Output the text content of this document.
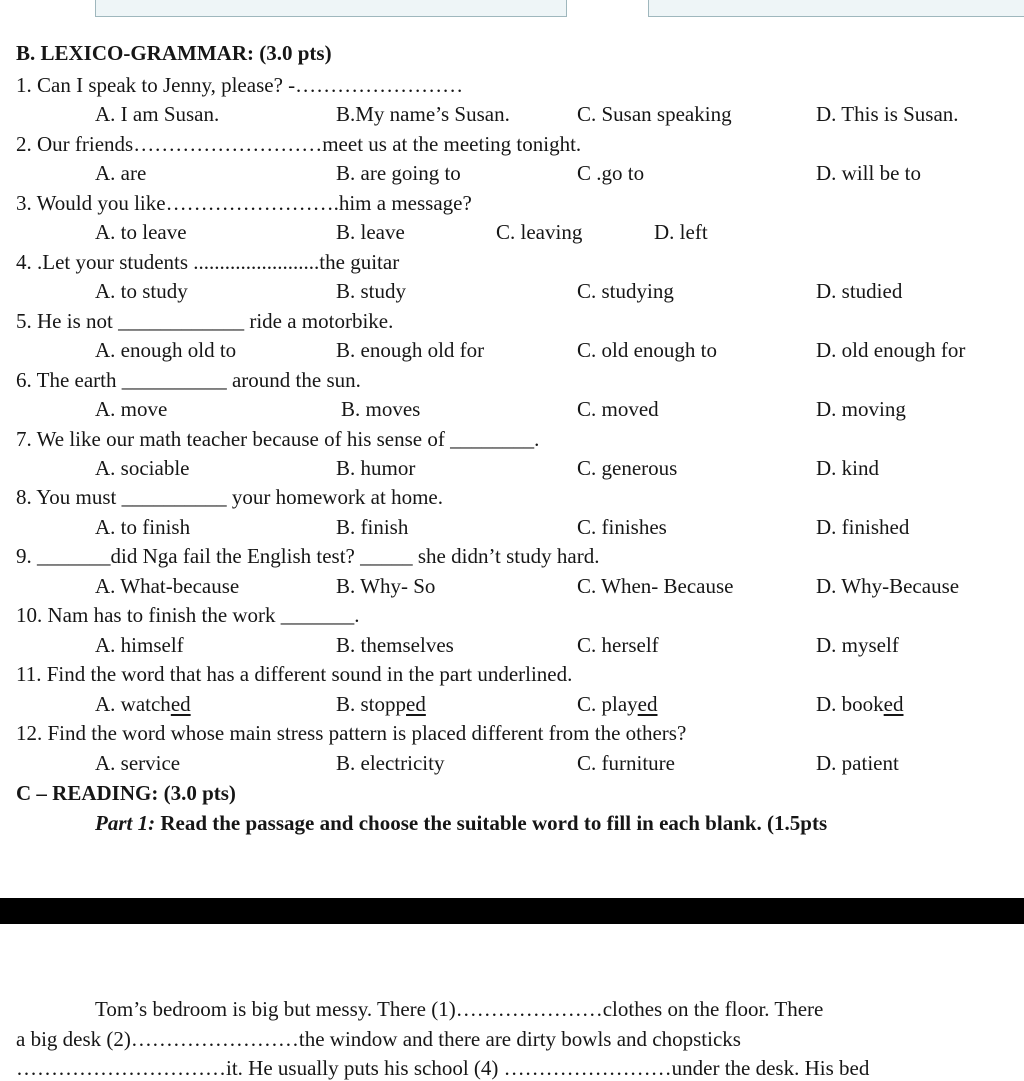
B. LEXICO-GRAMMAR: (3.0 pts)
1. Can I speak to Jenny, please? -……………………
A. I am Susan.	B.My name’s Susan.	C. Susan speaking	D. This is Susan.
2. Our friends………………………meet us at the meeting tonight.
A. are	B. are going to	C .go to	D. will be to
3. Would you like…………………….him a message?
A. to leave	B. leave	C. leaving	D. left
4. .Let your students ........................the guitar
A. to study	B. study	C. studying	D. studied
5. He is not ____________ ride a motorbike.
A. enough old to	B. enough old for	C. old enough to	D. old enough for
6. The earth __________ around the sun.
A. move	B. moves	C. moved	D. moving
7. We like our math teacher because of his sense of ________.
A. sociable	B. humor	C. generous	D. kind
8. You must __________ your homework at home.
A. to finish	B. finish	C. finishes	D. finished
9. _______did Nga fail the English test? _____ she didn’t study hard.
A. What-because	B. Why- So	C. When- Because	D. Why-Because
10. Nam has to finish the work _______.
A. himself	B. themselves	C. herself	D. myself
11. Find the word that has a different sound in the part underlined.
A. watched	B. stopped	C. played	D. booked
12. Find the word whose main stress pattern is placed different from the others?
A. service	B. electricity	C. furniture	D. patient
C – READING: (3.0 pts)
Part 1: Read the passage and choose the suitable word to fill in each blank. (1.5pts
Tom’s bedroom is big but messy. There (1)…………………clothes on the floor. There
a big desk (2)……………………the window and there are dirty bowls and chopsticks
…………………………it. He usually puts his school (4) ……………………under the desk. His bed
